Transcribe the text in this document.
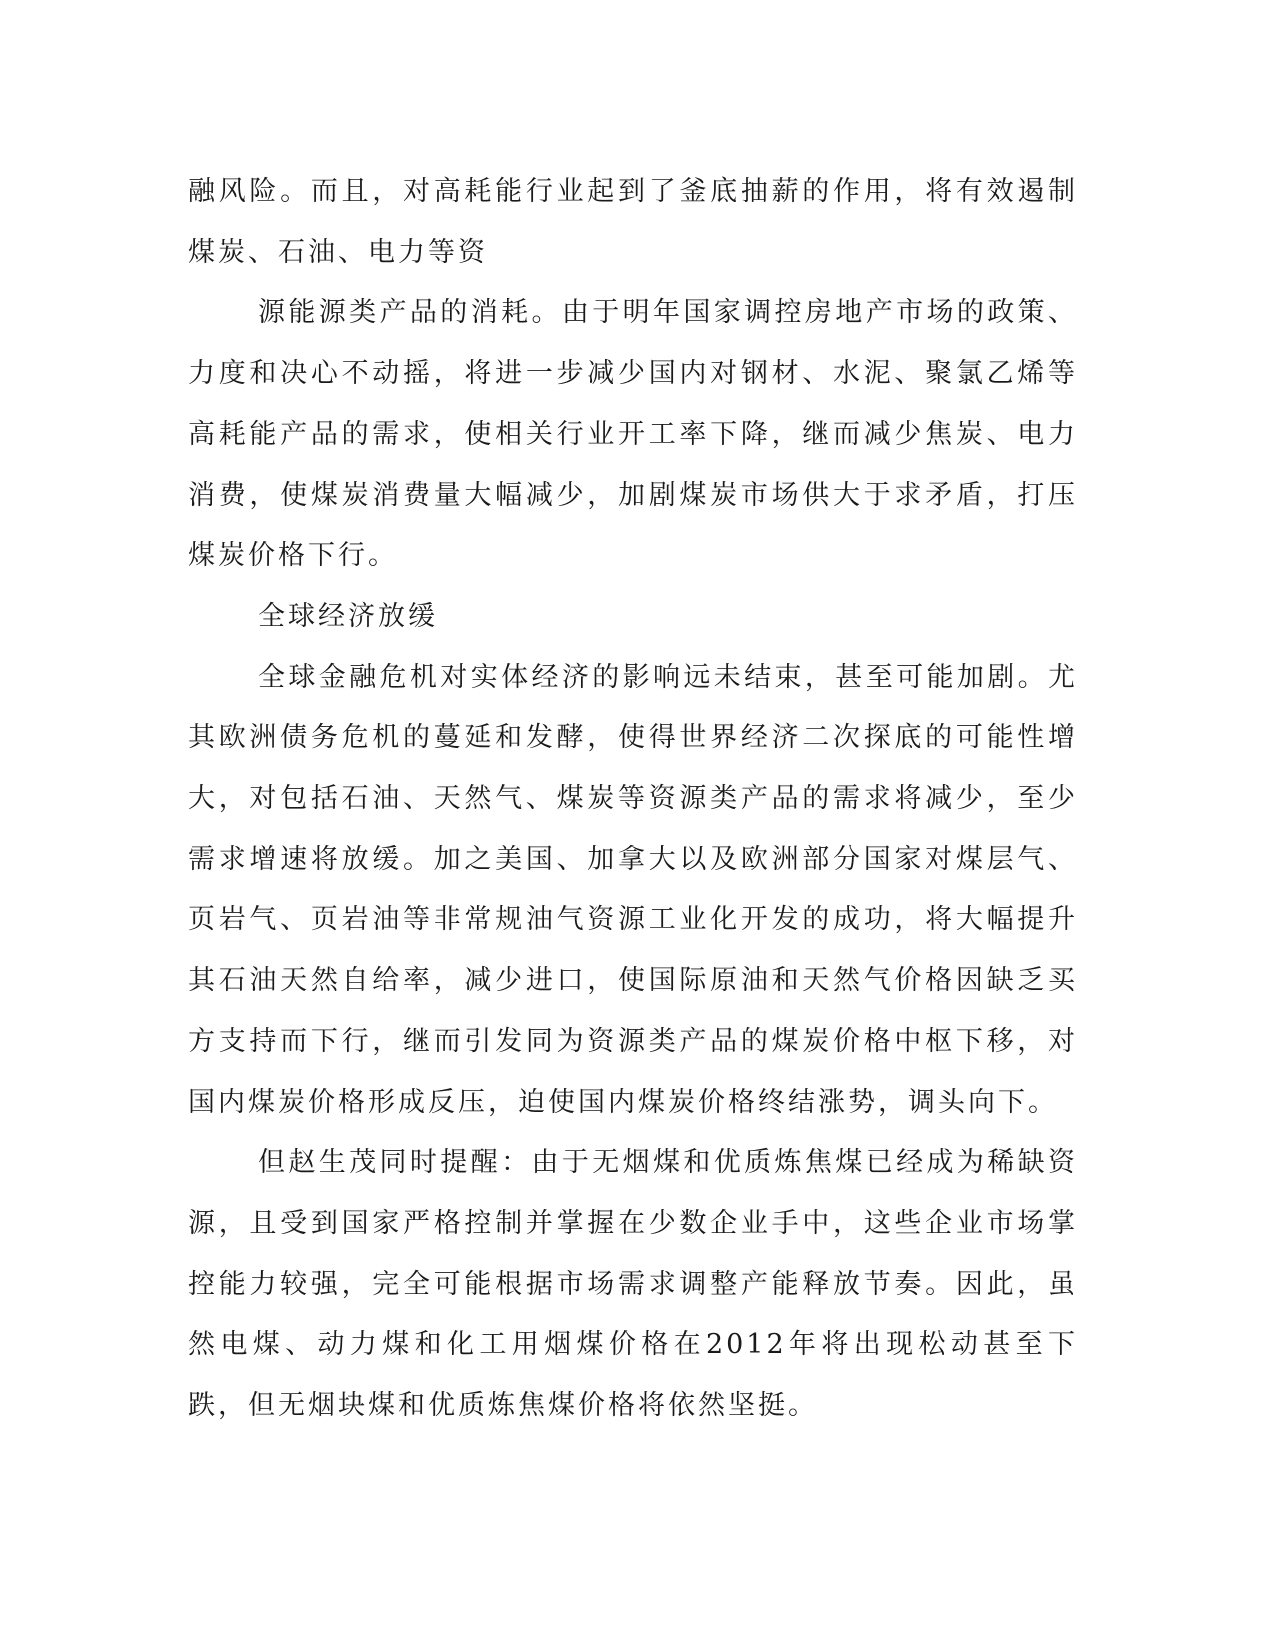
融风险。而且，对高耗能行业起到了釜底抽薪的作用，将有效遏制煤炭、石油、电力等资

源能源类产品的消耗。由于明年国家调控房地产市场的政策、力度和决心不动摇，将进一步减少国内对钢材、水泥、聚氯乙烯等高耗能产品的需求，使相关行业开工率下降，继而减少焦炭、电力消费，使煤炭消费量大幅减少，加剧煤炭市场供大于求矛盾，打压煤炭价格下行。

全球经济放缓

全球金融危机对实体经济的影响远未结束，甚至可能加剧。尤其欧洲债务危机的蔓延和发酵，使得世界经济二次探底的可能性增大，对包括石油、天然气、煤炭等资源类产品的需求将减少，至少需求增速将放缓。加之美国、加拿大以及欧洲部分国家对煤层气、页岩气、页岩油等非常规油气资源工业化开发的成功，将大幅提升其石油天然自给率，减少进口，使国际原油和天然气价格因缺乏买方支持而下行，继而引发同为资源类产品的煤炭价格中枢下移，对国内煤炭价格形成反压，迫使国内煤炭价格终结涨势，调头向下。

但赵生茂同时提醒：由于无烟煤和优质炼焦煤已经成为稀缺资源，且受到国家严格控制并掌握在少数企业手中，这些企业市场掌控能力较强，完全可能根据市场需求调整产能释放节奏。因此，虽然电煤、动力煤和化工用烟煤价格在2012年将出现松动甚至下跌，但无烟块煤和优质炼焦煤价格将依然坚挺。
